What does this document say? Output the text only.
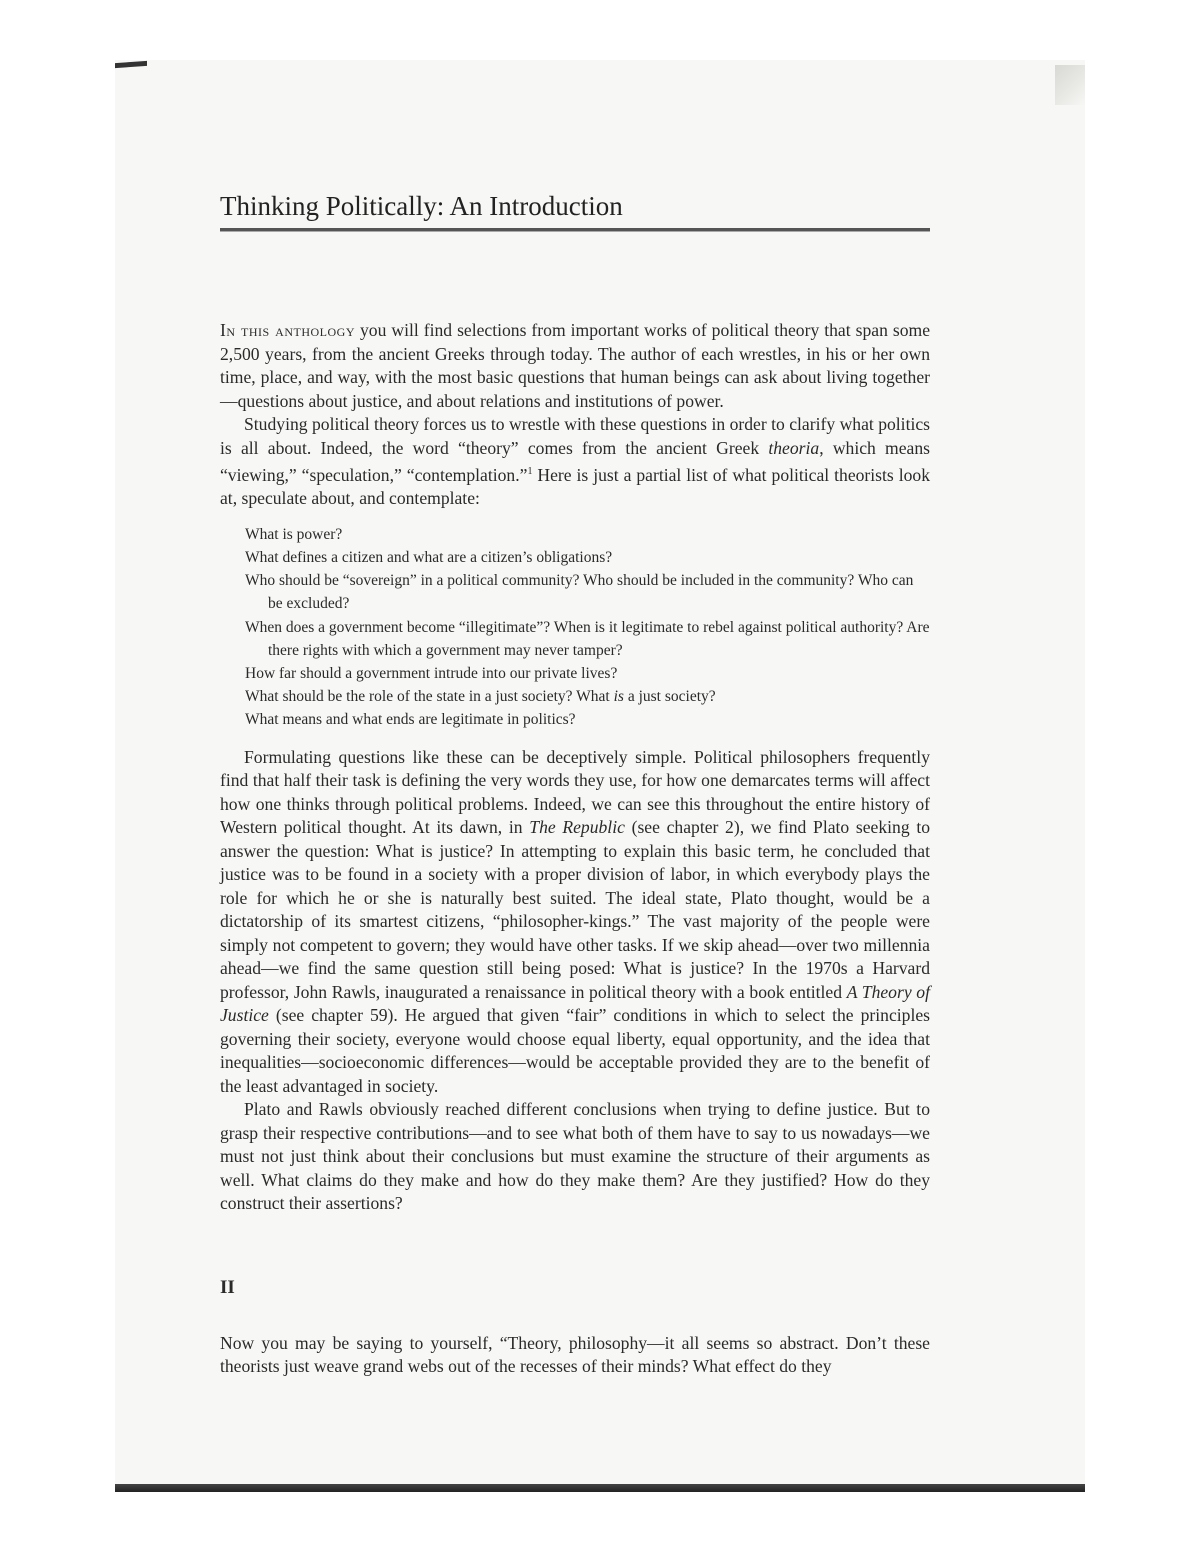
Thinking Politically: An Introduction

In this anthology you will find selections from important works of political theory that span some 2,500 years, from the ancient Greeks through today. The author of each wrestles, in his or her own time, place, and way, with the most basic questions that human beings can ask about living together—questions about justice, and about relations and institutions of power.

Studying political theory forces us to wrestle with these questions in order to clarify what politics is all about. Indeed, the word “theory” comes from the ancient Greek theoria, which means “viewing,” “speculation,” “contemplation.”$^1$ Here is just a partial list of what political theorists look at, speculate about, and contemplate:

What is power?
What defines a citizen and what are a citizen’s obligations?
Who should be “sovereign” in a political community? Who should be included in the community? Who can be excluded?
When does a government become “illegitimate”? When is it legitimate to rebel against political authority? Are there rights with which a government may never tamper?
How far should a government intrude into our private lives?
What should be the role of the state in a just society? What is a just society?
What means and what ends are legitimate in politics?

Formulating questions like these can be deceptively simple. Political philosophers frequently find that half their task is defining the very words they use, for how one demarcates terms will affect how one thinks through political problems. Indeed, we can see this throughout the entire history of Western political thought. At its dawn, in The Republic (see chapter 2), we find Plato seeking to answer the question: What is justice? In attempting to explain this basic term, he concluded that justice was to be found in a society with a proper division of labor, in which everybody plays the role for which he or she is naturally best suited. The ideal state, Plato thought, would be a dictatorship of its smartest citizens, “philosopher-kings.” The vast majority of the people were simply not competent to govern; they would have other tasks. If we skip ahead—over two millennia ahead—we find the same question still being posed: What is justice? In the 1970s a Harvard professor, John Rawls, inaugurated a renaissance in political theory with a book entitled A Theory of Justice (see chapter 59). He argued that given “fair” conditions in which to select the principles governing their society, everyone would choose equal liberty, equal opportunity, and the idea that inequalities—socioeconomic differences—would be acceptable provided they are to the benefit of the least advantaged in society.

Plato and Rawls obviously reached different conclusions when trying to define justice. But to grasp their respective contributions—and to see what both of them have to say to us nowadays—we must not just think about their conclusions but must examine the structure of their arguments as well. What claims do they make and how do they make them? Are they justified? How do they construct their assertions?

II

Now you may be saying to yourself, “Theory, philosophy—it all seems so abstract. Don’t these theorists just weave grand webs out of the recesses of their minds? What effect do they
